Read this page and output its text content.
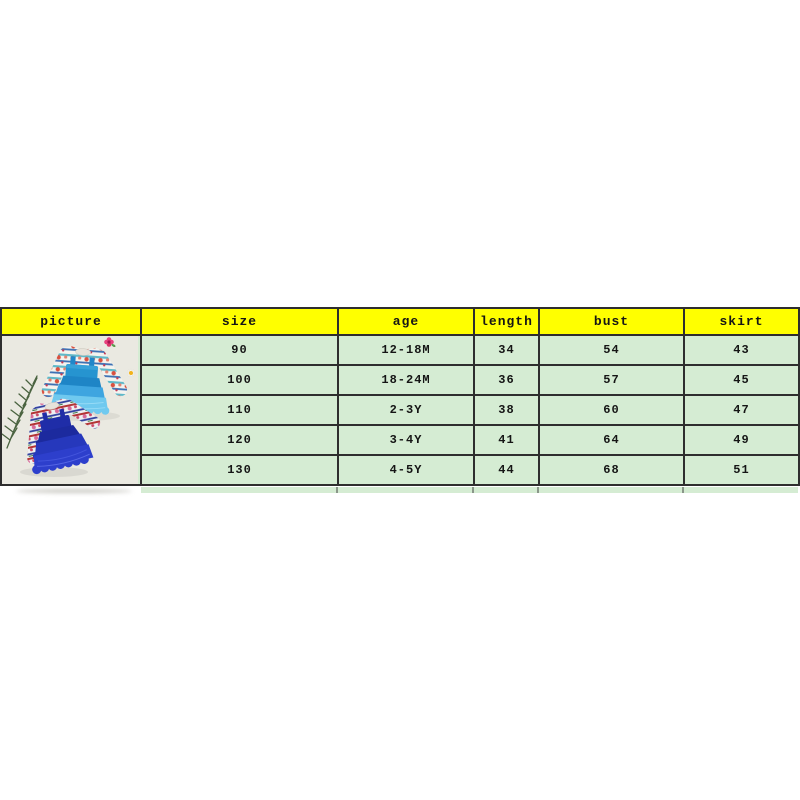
picture	size	age	length	bust	skirt

	90	12-18M	34	54	43
	100	18-24M	36	57	45
	110	2-3Y	38	60	47
	120	3-4Y	41	64	49
	130	4-5Y	44	68	51
